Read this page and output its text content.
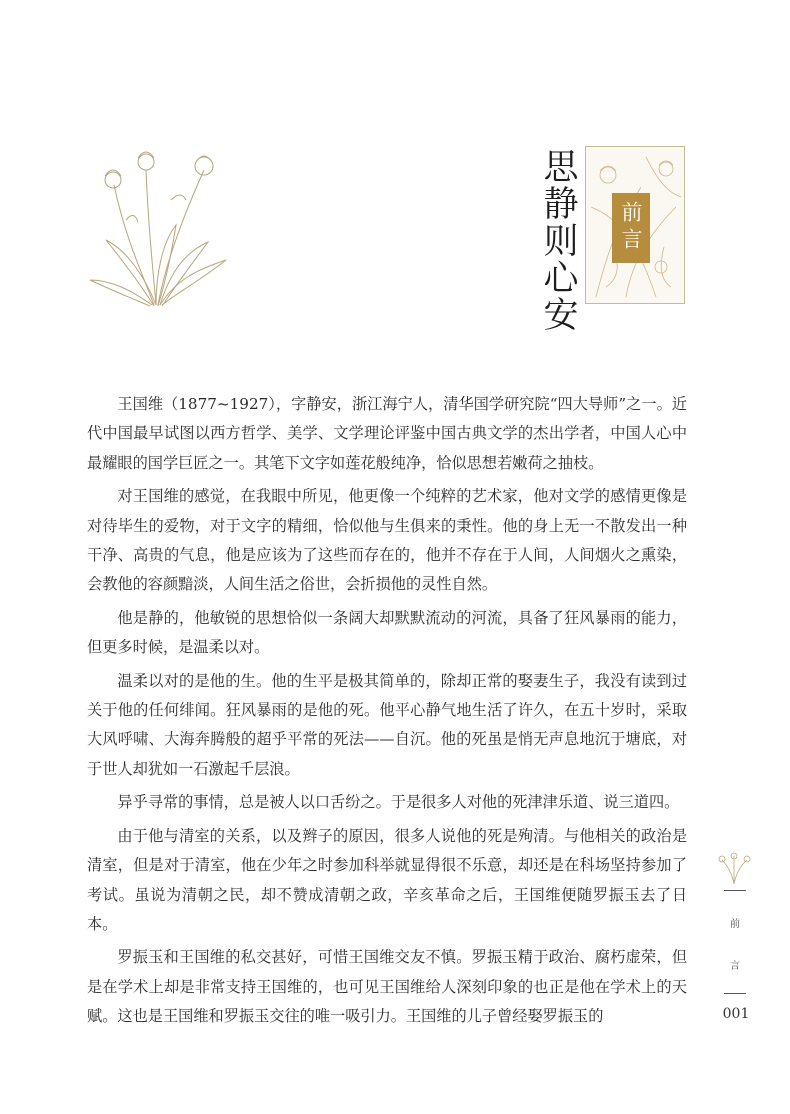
思静则心安	前言

王国维（1877~1927），字静安，浙江海宁人，清华国学研究院“四大导师”之一。近代中国最早试图以西方哲学、美学、文学理论评鉴中国古典文学的杰出学者，中国人心中最耀眼的国学巨匠之一。其笔下文字如莲花般纯净，恰似思想若嫩荷之抽枝。

对王国维的感觉，在我眼中所见，他更像一个纯粹的艺术家，他对文学的感情更像是对待毕生的爱物，对于文字的精细，恰似他与生俱来的秉性。他的身上无一不散发出一种干净、高贵的气息，他是应该为了这些而存在的，他并不存在于人间，人间烟火之熏染，会教他的容颜黯淡，人间生活之俗世，会折损他的灵性自然。

他是静的，他敏锐的思想恰似一条阔大却默默流动的河流，具备了狂风暴雨的能力，但更多时候，是温柔以对。

温柔以对的是他的生。他的生平是极其简单的，除却正常的娶妻生子，我没有读到过关于他的任何绯闻。狂风暴雨的是他的死。他平心静气地生活了许久，在五十岁时，采取大风呼啸、大海奔腾般的超乎平常的死法——自沉。他的死虽是悄无声息地沉于塘底，对于世人却犹如一石激起千层浪。

异乎寻常的事情，总是被人以口舌纷之。于是很多人对他的死津津乐道、说三道四。

由于他与清室的关系，以及辫子的原因，很多人说他的死是殉清。与他相关的政治是清室，但是对于清室，他在少年之时参加科举就显得很不乐意，却还是在科场坚持参加了考试。虽说为清朝之民，却不赞成清朝之政，辛亥革命之后，王国维便随罗振玉去了日本。

罗振玉和王国维的私交甚好，可惜王国维交友不慎。罗振玉精于政治、腐朽虚荣，但是在学术上却是非常支持王国维的，也可见王国维给人深刻印象的也正是他在学术上的天赋。这也是王国维和罗振玉交往的唯一吸引力。王国维的儿子曾经娶罗振玉的

前
言
001
